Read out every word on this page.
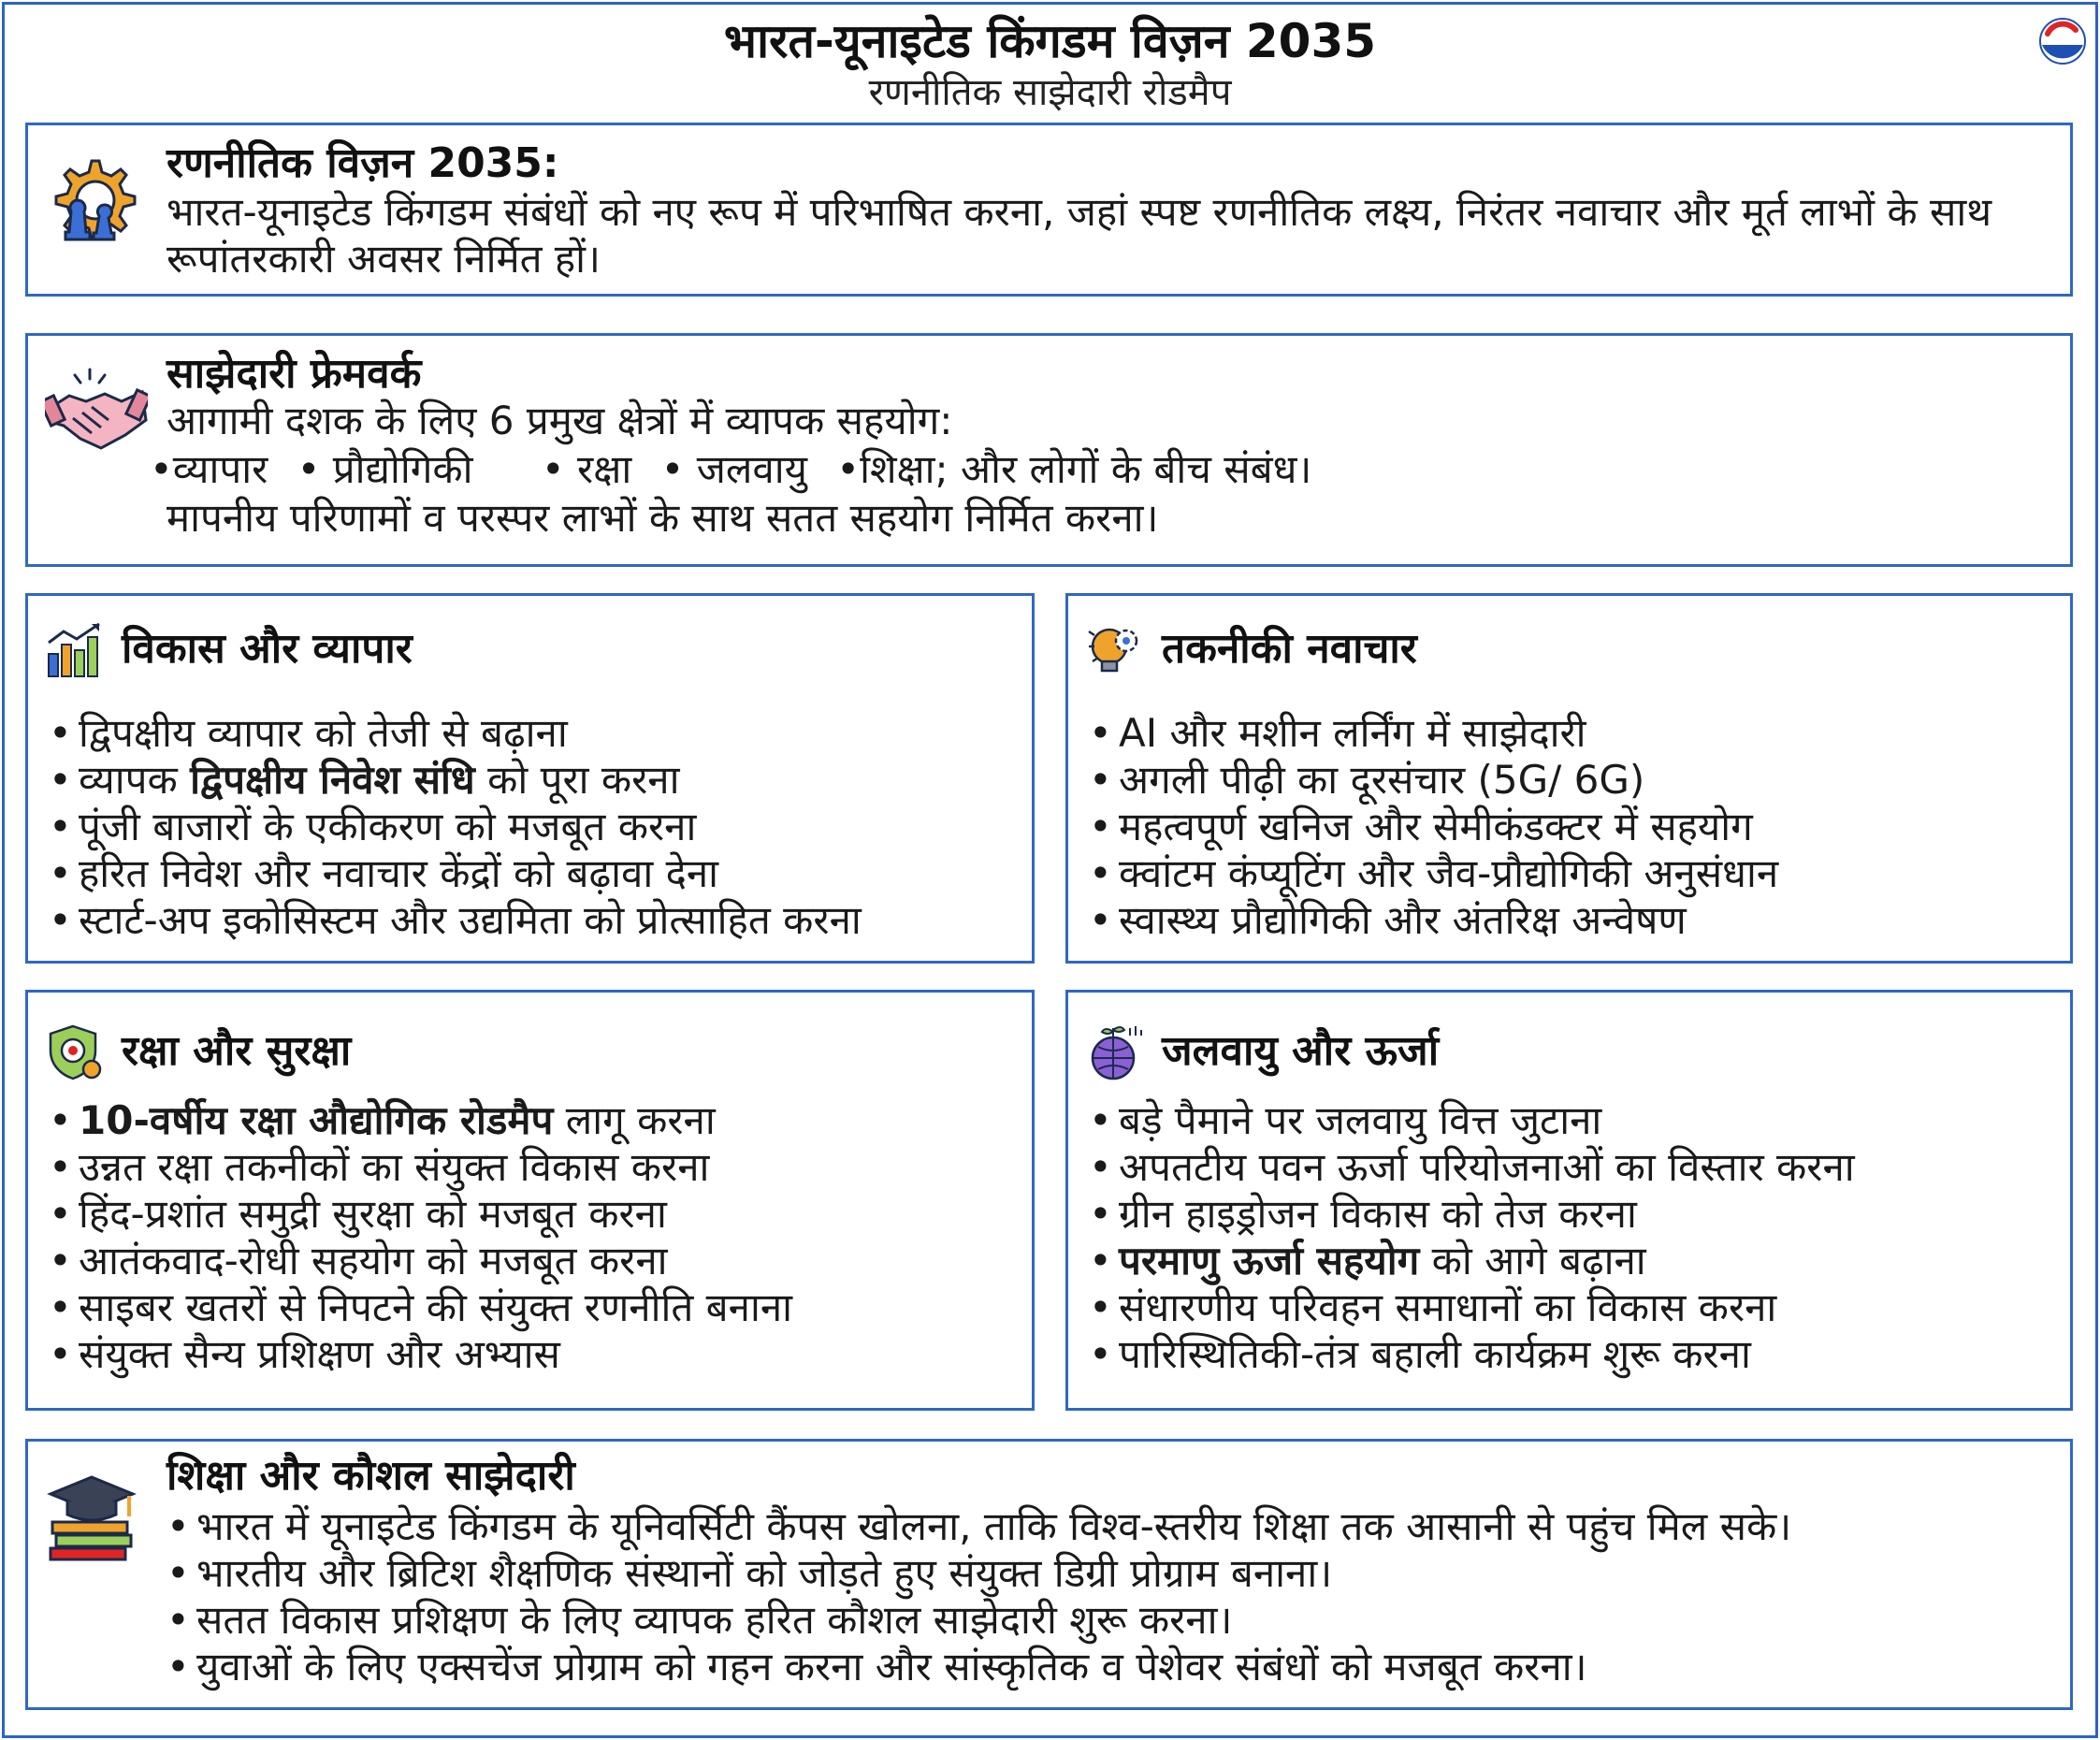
भारत-यूनाइटेड किंगडम विज़न 2035
रणनीतिक साझेदारी रोडमैप
रणनीतिक विज़न 2035:
भारत-यूनाइटेड किंगडम संबंधों को नए रूप में परिभाषित करना, जहां स्पष्ट रणनीतिक लक्ष्य, निरंतर नवाचार और मूर्त लाभों के साथ रूपांतरकारी अवसर निर्मित हों।
साझेदारी फ्रेमवर्क
आगामी दशक के लिए 6 प्रमुख क्षेत्रों में व्यापक सहयोग:
•व्यापार • प्रौद्योगिकी • रक्षा • जलवायु •शिक्षा; और लोगों के बीच संबंध।
मापनीय परिणामों व परस्पर लाभों के साथ सतत सहयोग निर्मित करना।
विकास और व्यापार
• द्विपक्षीय व्यापार को तेजी से बढ़ाना
• व्यापक द्विपक्षीय निवेश संधि को पूरा करना
• पूंजी बाजारों के एकीकरण को मजबूत करना
• हरित निवेश और नवाचार केंद्रों को बढ़ावा देना
• स्टार्ट-अप इकोसिस्टम और उद्यमिता को प्रोत्साहित करना
तकनीकी नवाचार
• AI और मशीन लर्निंग में साझेदारी
• अगली पीढ़ी का दूरसंचार (5G/ 6G)
• महत्वपूर्ण खनिज और सेमीकंडक्टर में सहयोग
• क्वांटम कंप्यूटिंग और जैव-प्रौद्योगिकी अनुसंधान
• स्वास्थ्य प्रौद्योगिकी और अंतरिक्ष अन्वेषण
रक्षा और सुरक्षा
• 10-वर्षीय रक्षा औद्योगिक रोडमैप लागू करना
• उन्नत रक्षा तकनीकों का संयुक्त विकास करना
• हिंद-प्रशांत समुद्री सुरक्षा को मजबूत करना
• आतंकवाद-रोधी सहयोग को मजबूत करना
• साइबर खतरों से निपटने की संयुक्त रणनीति बनाना
• संयुक्त सैन्य प्रशिक्षण और अभ्यास
जलवायु और ऊर्जा
• बड़े पैमाने पर जलवायु वित्त जुटाना
• अपतटीय पवन ऊर्जा परियोजनाओं का विस्तार करना
• ग्रीन हाइड्रोजन विकास को तेज करना
• परमाणु ऊर्जा सहयोग को आगे बढ़ाना
• संधारणीय परिवहन समाधानों का विकास करना
• पारिस्थितिकी-तंत्र बहाली कार्यक्रम शुरू करना
शिक्षा और कौशल साझेदारी
• भारत में यूनाइटेड किंगडम के यूनिवर्सिटी कैंपस खोलना, ताकि विश्व-स्तरीय शिक्षा तक आसानी से पहुंच मिल सके।
• भारतीय और ब्रिटिश शैक्षणिक संस्थानों को जोड़ते हुए संयुक्त डिग्री प्रोग्राम बनाना।
• सतत विकास प्रशिक्षण के लिए व्यापक हरित कौशल साझेदारी शुरू करना।
• युवाओं के लिए एक्सचेंज प्रोग्राम को गहन करना और सांस्कृतिक व पेशेवर संबंधों को मजबूत करना।
